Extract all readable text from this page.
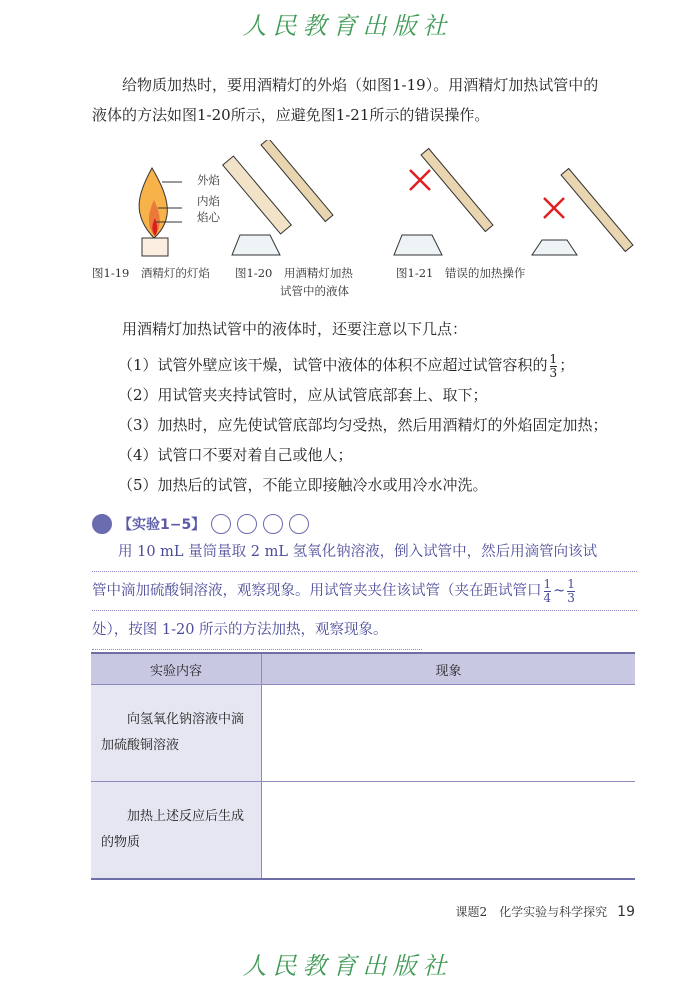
人民教育出版社
给物质加热时，要用酒精灯的外焰（如图1-19）。用酒精灯加热试管中的
液体的方法如图1-20所示，应避免图1-21所示的错误操作。
外焰
内焰
焰心
图1-19　酒精灯的灯焰 图1-20　用酒精灯加热
试管中的液体
图1-21　错误的加热操作
用酒精灯加热试管中的液体时，还要注意以下几点：
（1）试管外壁应该干燥，试管中液体的体积不应超过试管容积的 $\frac{1}{3}$ ；
（2）用试管夹夹持试管时，应从试管底部套上、取下；
（3）加热时，应先使试管底部均匀受热，然后用酒精灯的外焰固定加热；
（4）试管口不要对着自己或他人；
（5）加热后的试管，不能立即接触冷水或用冷水冲洗。
【实验1−5】
用 10 mL 量筒量取 2 mL 氢氧化钠溶液，倒入试管中，然后用滴管向该试
管中滴加硫酸铜溶液，观察现象。用试管夹夹住该试管（夹在距试管口 $\frac{1}{4}$ ~ $\frac{1}{3}$
处），按图 1-20 所示的方法加热，观察现象。
实验内容	现象
向氢氧化钠溶液中滴加硫酸铜溶液	
加热上述反应后生成的物质	
课题2　化学实验与科学探究 19
人民教育出版社
